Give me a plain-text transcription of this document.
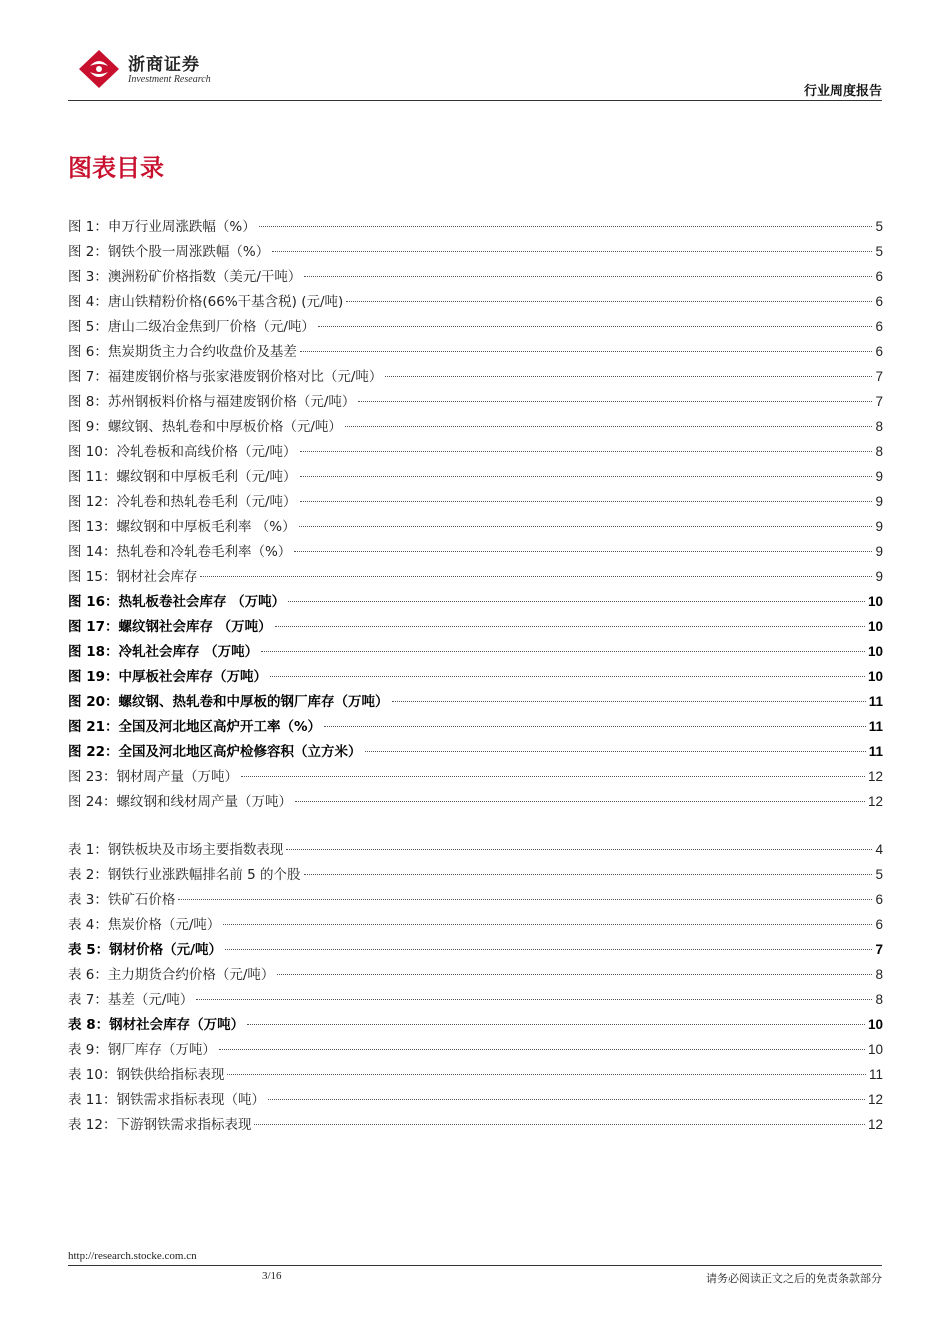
浙商证券
Investment Research
行业周度报告
图表目录
图 1：申万行业周涨跌幅（%）	5
图 2：钢铁个股一周涨跌幅（%）	5
图 3：澳洲粉矿价格指数（美元/干吨）	6
图 4：唐山铁精粉价格(66%干基含税) (元/吨)	6
图 5：唐山二级冶金焦到厂价格（元/吨）	6
图 6：焦炭期货主力合约收盘价及基差	6
图 7：福建废钢价格与张家港废钢价格对比（元/吨）	7
图 8：苏州钢板料价格与福建废钢价格（元/吨）	7
图 9：螺纹钢、热轧卷和中厚板价格（元/吨）	8
图 10：冷轧卷板和高线价格（元/吨）	8
图 11：螺纹钢和中厚板毛利（元/吨）	9
图 12：冷轧卷和热轧卷毛利（元/吨）	9
图 13：螺纹钢和中厚板毛利率 （%）	9
图 14：热轧卷和冷轧卷毛利率（%）	9
图 15：钢材社会库存	9
图 16：热轧板卷社会库存 （万吨）	10
图 17：螺纹钢社会库存 （万吨）	10
图 18：冷轧社会库存 （万吨）	10
图 19：中厚板社会库存（万吨）	10
图 20：螺纹钢、热轧卷和中厚板的钢厂库存（万吨）	11
图 21：全国及河北地区高炉开工率（%）	11
图 22：全国及河北地区高炉检修容积（立方米）	11
图 23：钢材周产量（万吨）	12
图 24：螺纹钢和线材周产量（万吨）	12
表 1：钢铁板块及市场主要指数表现	4
表 2：钢铁行业涨跌幅排名前 5 的个股	5
表 3：铁矿石价格	6
表 4：焦炭价格（元/吨）	6
表 5：钢材价格（元/吨）	7
表 6：主力期货合约价格（元/吨）	8
表 7：基差（元/吨）	8
表 8：钢材社会库存（万吨）	10
表 9：钢厂库存（万吨）	10
表 10：钢铁供给指标表现	11
表 11：钢铁需求指标表现（吨）	12
表 12：下游钢铁需求指标表现	12
http://research.stocke.com.cn
3/16	请务必阅读正文之后的免责条款部分
